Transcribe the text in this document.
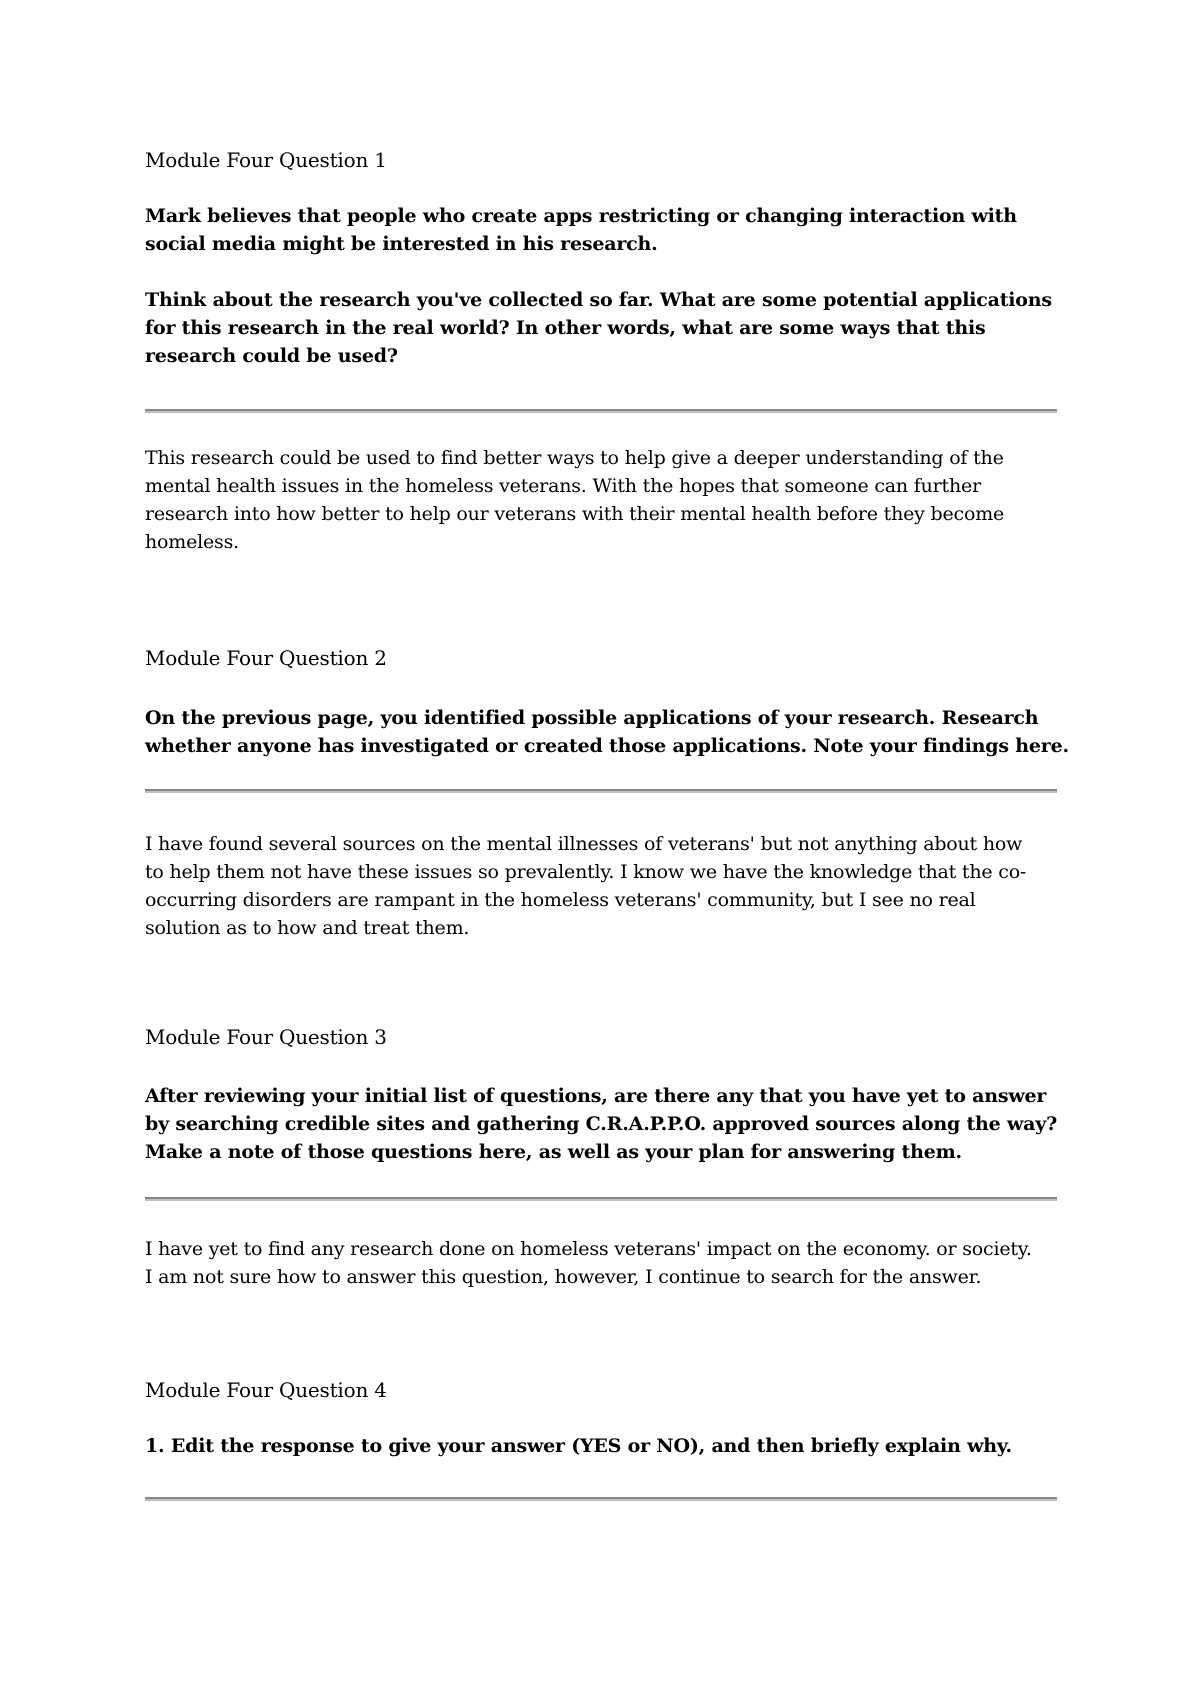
Module Four Question 1
Mark believes that people who create apps restricting or changing interaction with
social media might be interested in his research.
Think about the research you've collected so far. What are some potential applications
for this research in the real world? In other words, what are some ways that this
research could be used?
This research could be used to find better ways to help give a deeper understanding of the
mental health issues in the homeless veterans. With the hopes that someone can further
research into how better to help our veterans with their mental health before they become
homeless.
Module Four Question 2
On the previous page, you identified possible applications of your research. Research
whether anyone has investigated or created those applications. Note your findings here.
I have found several sources on the mental illnesses of veterans' but not anything about how
to help them not have these issues so prevalently. I know we have the knowledge that the co-
occurring disorders are rampant in the homeless veterans' community, but I see no real
solution as to how and treat them.
Module Four Question 3
After reviewing your initial list of questions, are there any that you have yet to answer
by searching credible sites and gathering C.R.A.P.P.O. approved sources along the way?
Make a note of those questions here, as well as your plan for answering them.
I have yet to find any research done on homeless veterans' impact on the economy. or society.
I am not sure how to answer this question, however, I continue to search for the answer.
Module Four Question 4
1. Edit the response to give your answer (YES or NO), and then briefly explain why.
